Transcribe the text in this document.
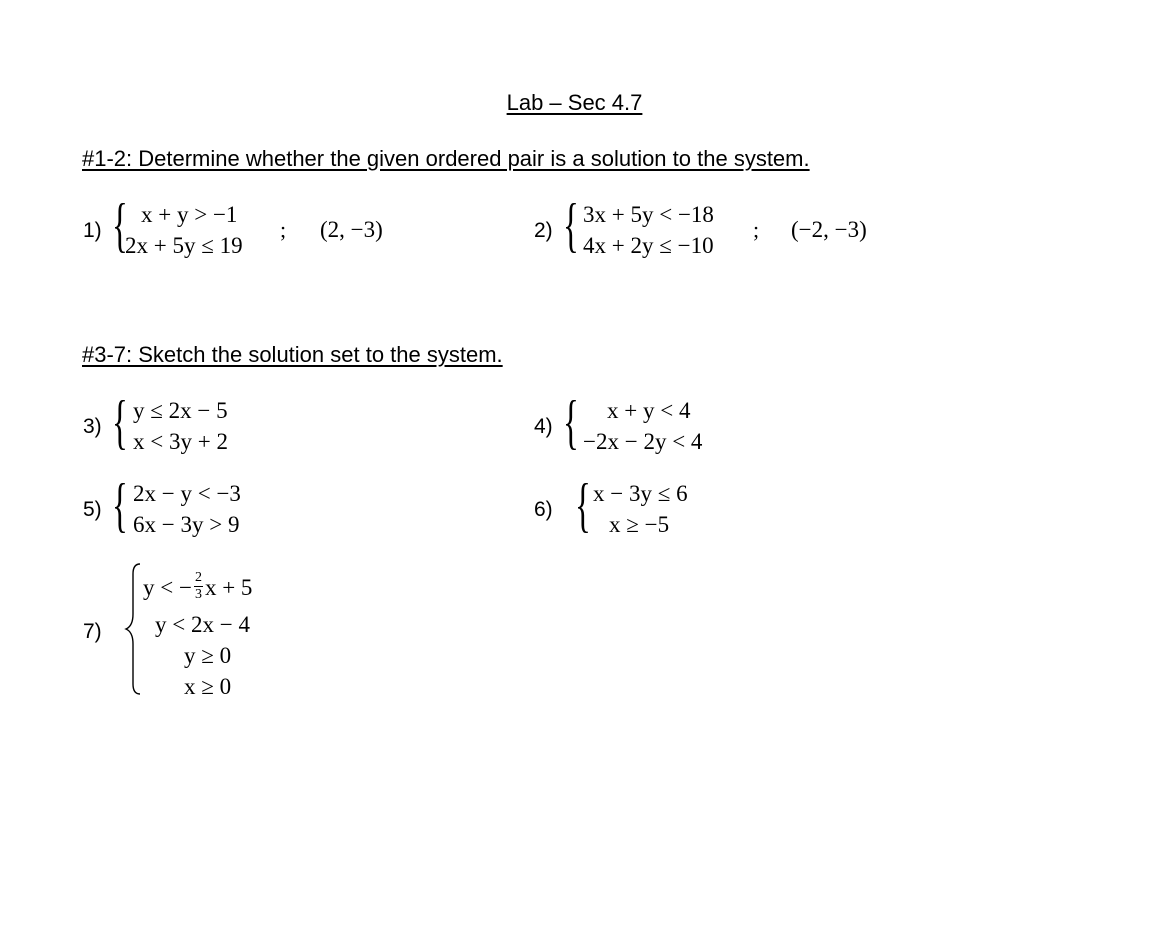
Lab – Sec 4.7
#1-2: Determine whether the given ordered pair is a solution to the system.
1) { x + y > −1
2x + 5y ≤ 19
; (2, −3)	2) { 3x + 5y < −18
4x + 2y ≤ −10
; (−2, −3)
#3-7: Sketch the solution set to the system.
3) { y ≤ 2x − 5
x < 3y + 2
4) { x + y < 4
−2x − 2y < 4
5) { 2x − y < −3
6x − 3y > 9
6) { x − 3y ≤ 6
x ≥ −5
7)
y < − $\frac{2}{3}$ x + 5
y < 2x − 4
y ≥ 0
x ≥ 0
